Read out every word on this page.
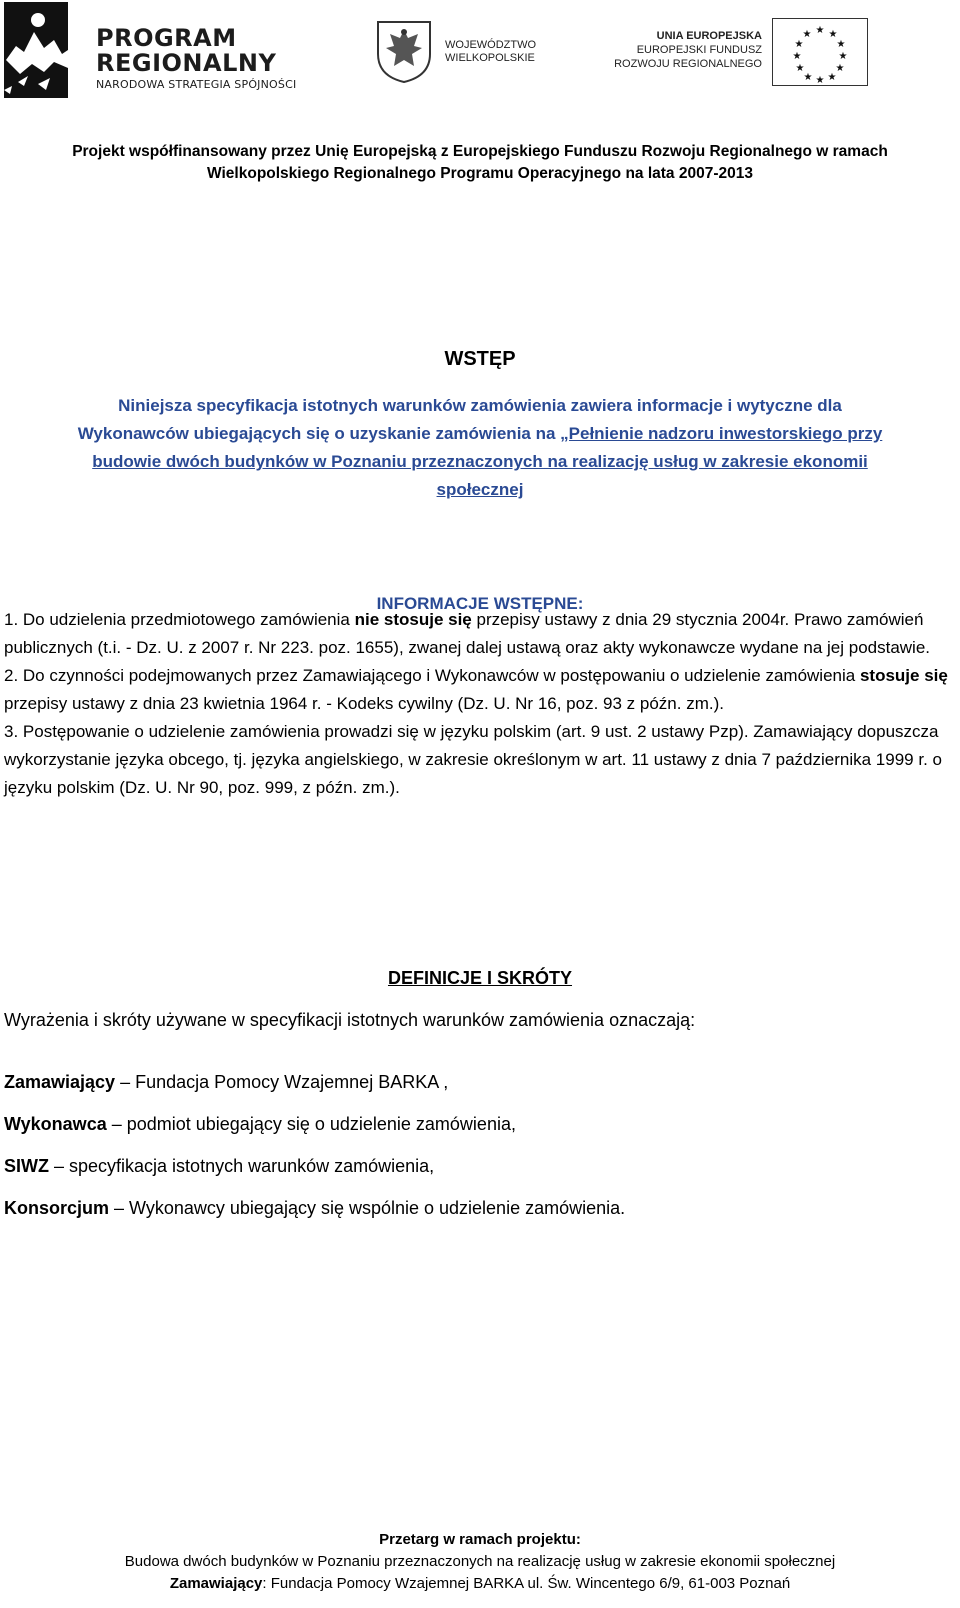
PROGRAM
REGIONALNY
NARODOWA STRATEGIA SPÓJNOŚCI
WOJEWÓDZTWO
WIELKOPOLSKIE
UNIA EUROPEJSKA
EUROPEJSKI FUNDUSZ
ROZWOJU REGIONALNEGO
★ ★
★
★
★
★
★
★
★
★
★
★
Projekt współfinansowany przez Unię Europejską z Europejskiego Funduszu Rozwoju Regionalnego w ramach
Wielkopolskiego Regionalnego Programu Operacyjnego na lata 2007-2013
WSTĘP
Niniejsza specyfikacja istotnych warunków zamówienia zawiera informacje i wytyczne dla
Wykonawców ubiegających się o uzyskanie zamówienia na „Pełnienie nadzoru inwestorskiego przy
budowie dwóch budynków w Poznaniu przeznaczonych na realizację usług w zakresie ekonomii
społecznej
INFORMACJE WSTĘPNE:

1. Do udzielenia przedmiotowego zamówienia nie stosuje się przepisy ustawy z dnia 29 stycznia 2004r. Prawo zamówień publicznych (t.i. - Dz. U. z 2007 r. Nr 223. poz. 1655), zwanej dalej ustawą oraz akty wykonawcze wydane na jej podstawie.

2. Do czynności podejmowanych przez Zamawiającego i Wykonawców w postępowaniu o udzielenie zamówienia stosuje się przepisy ustawy z dnia 23 kwietnia 1964 r. - Kodeks cywilny (Dz. U. Nr 16, poz. 93 z późn. zm.).

3. Postępowanie o udzielenie zamówienia prowadzi się w języku polskim (art. 9 ust. 2 ustawy Pzp). Zamawiający dopuszcza wykorzystanie języka obcego, tj. języka angielskiego, w zakresie określonym w art. 11 ustawy z dnia 7 października 1999 r. o języku polskim (Dz. U. Nr 90, poz. 999, z późn. zm.).

DEFINICJE I SKRÓTY
Wyrażenia i skróty używane w specyfikacji istotnych warunków zamówienia oznaczają:
Zamawiający – Fundacja Pomocy Wzajemnej BARKA ,
Wykonawca – podmiot ubiegający się o udzielenie zamówienia,
SIWZ – specyfikacja istotnych warunków zamówienia,
Konsorcjum – Wykonawcy ubiegający się wspólnie o udzielenie zamówienia.
Przetarg w ramach projektu:
Budowa dwóch budynków w Poznaniu przeznaczonych na realizację usług w zakresie ekonomii społecznej
Zamawiający: Fundacja Pomocy Wzajemnej BARKA ul. Św. Wincentego 6/9, 61-003 Poznań
